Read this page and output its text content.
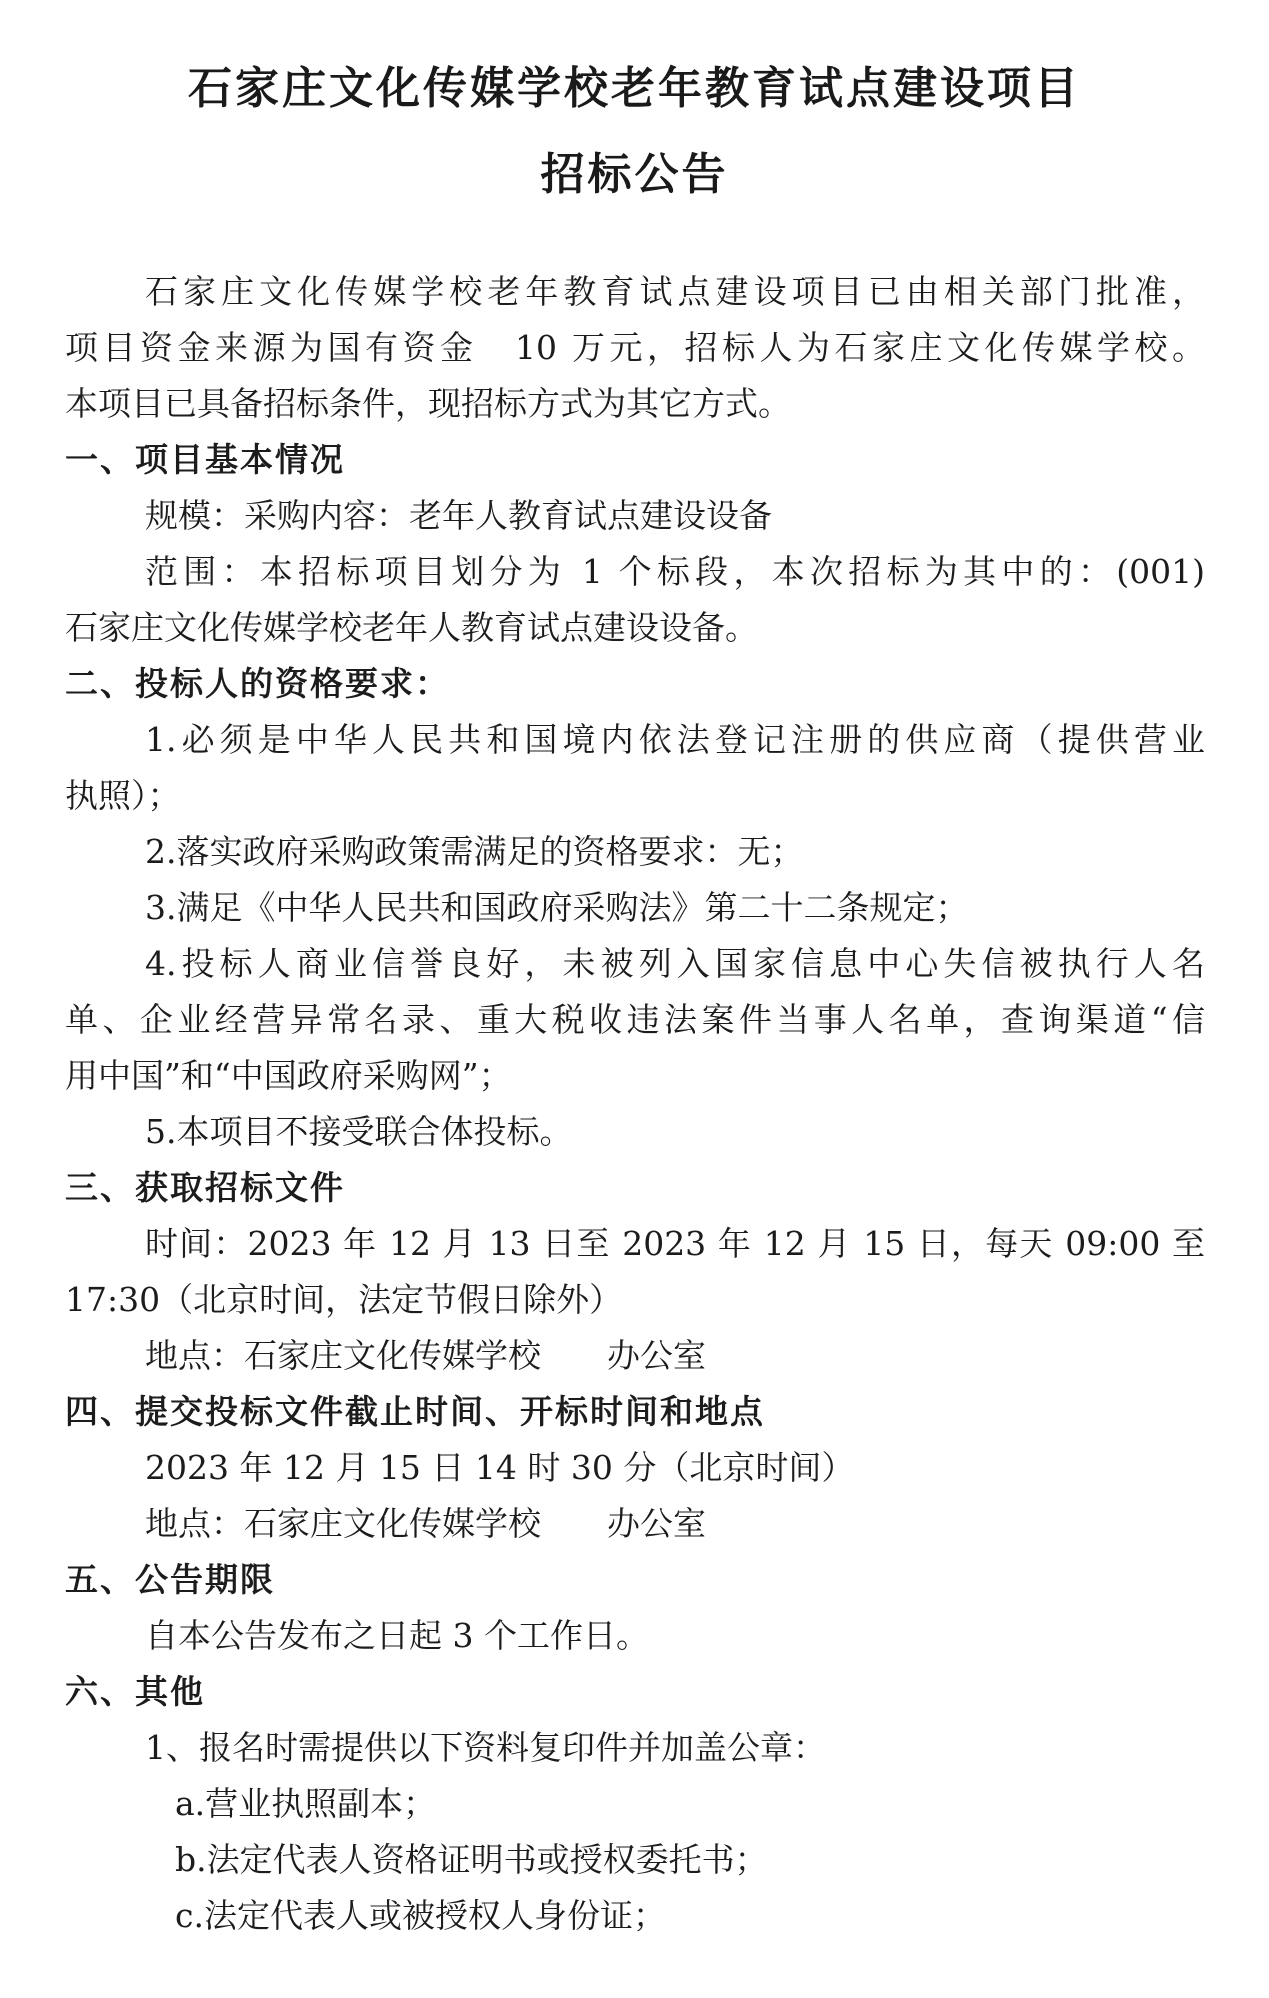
石家庄文化传媒学校老年教育试点建设项目
招标公告
石家庄文化传媒学校老年教育试点建设项目已由相关部门批准，
项目资金来源为国有资金　10 万元，招标人为石家庄文化传媒学校。
本项目已具备招标条件，现招标方式为其它方式。
一、项目基本情况
规模：采购内容：老年人教育试点建设设备
范围：本招标项目划分为 1 个标段，本次招标为其中的：(001)
石家庄文化传媒学校老年人教育试点建设设备。
二、投标人的资格要求：
1.必须是中华人民共和国境内依法登记注册的供应商（提供营业
执照）；
2.落实政府采购政策需满足的资格要求：无；
3.满足《中华人民共和国政府采购法》第二十二条规定；
4.投标人商业信誉良好，未被列入国家信息中心失信被执行人名
单、企业经营异常名录、重大税收违法案件当事人名单，查询渠道“信
用中国”和“中国政府采购网”；
5.本项目不接受联合体投标。
三、获取招标文件
时间：2023 年 12 月 13 日至 2023 年 12 月 15 日，每天 09:00 至
17:30（北京时间，法定节假日除外）
地点：石家庄文化传媒学校　　办公室
四、提交投标文件截止时间、开标时间和地点
2023 年 12 月 15 日 14 时 30 分（北京时间）
地点：石家庄文化传媒学校　　办公室
五、公告期限
自本公告发布之日起 3 个工作日。
六、其他
1、报名时需提供以下资料复印件并加盖公章：
a.营业执照副本；
b.法定代表人资格证明书或授权委托书；
c.法定代表人或被授权人身份证；
